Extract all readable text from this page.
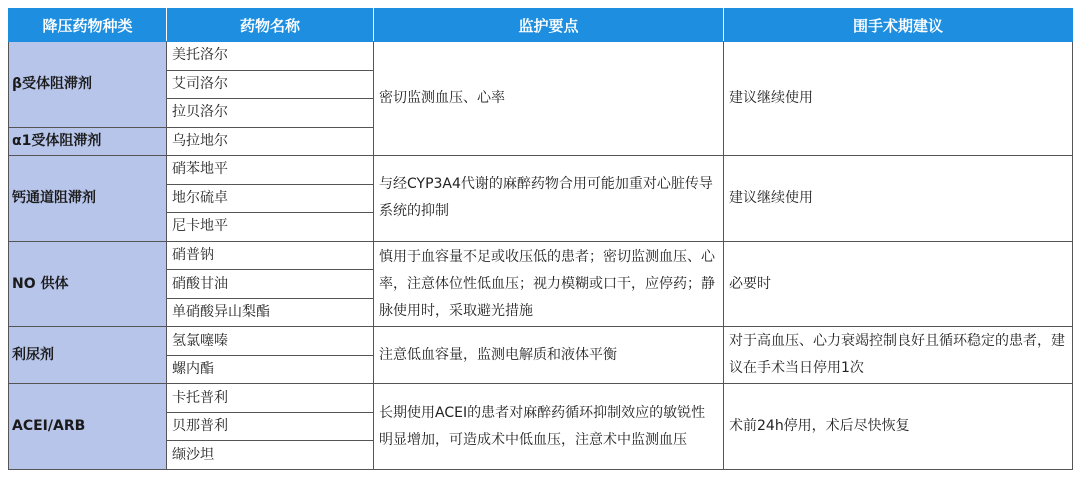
降压药物种类	药物名称	监护要点	围手术期建议
β受体阻滞剂	美托洛尔	密切监测血压、心率	建议继续使用
	艾司洛尔		
	拉贝洛尔		
α1受体阻滞剂	乌拉地尔		
钙通道阻滞剂	硝苯地平	与经CYP3A4代谢的麻醉药物合用可能加重对心脏传导系统的抑制	建议继续使用
	地尔硫卓		
	尼卡地平		
NO 供体	硝普钠	慎用于血容量不足或收压低的患者；密切监测血压、心率，注意体位性低血压；视力模糊或口干，应停药；静脉使用时，采取避光措施	必要时
	硝酸甘油		
	单硝酸异山梨酯		
利尿剂	氢氯噻嗪	注意低血容量，监测电解质和液体平衡	对于高血压、心力衰竭控制良好且循环稳定的患者，建议在手术当日停用1次
	螺内酯		
ACEI/ARB	卡托普利	长期使用ACEI的患者对麻醉药循环抑制效应的敏锐性明显增加，可造成术中低血压，注意术中监测血压	术前24h停用，术后尽快恢复
	贝那普利		
	缬沙坦		
